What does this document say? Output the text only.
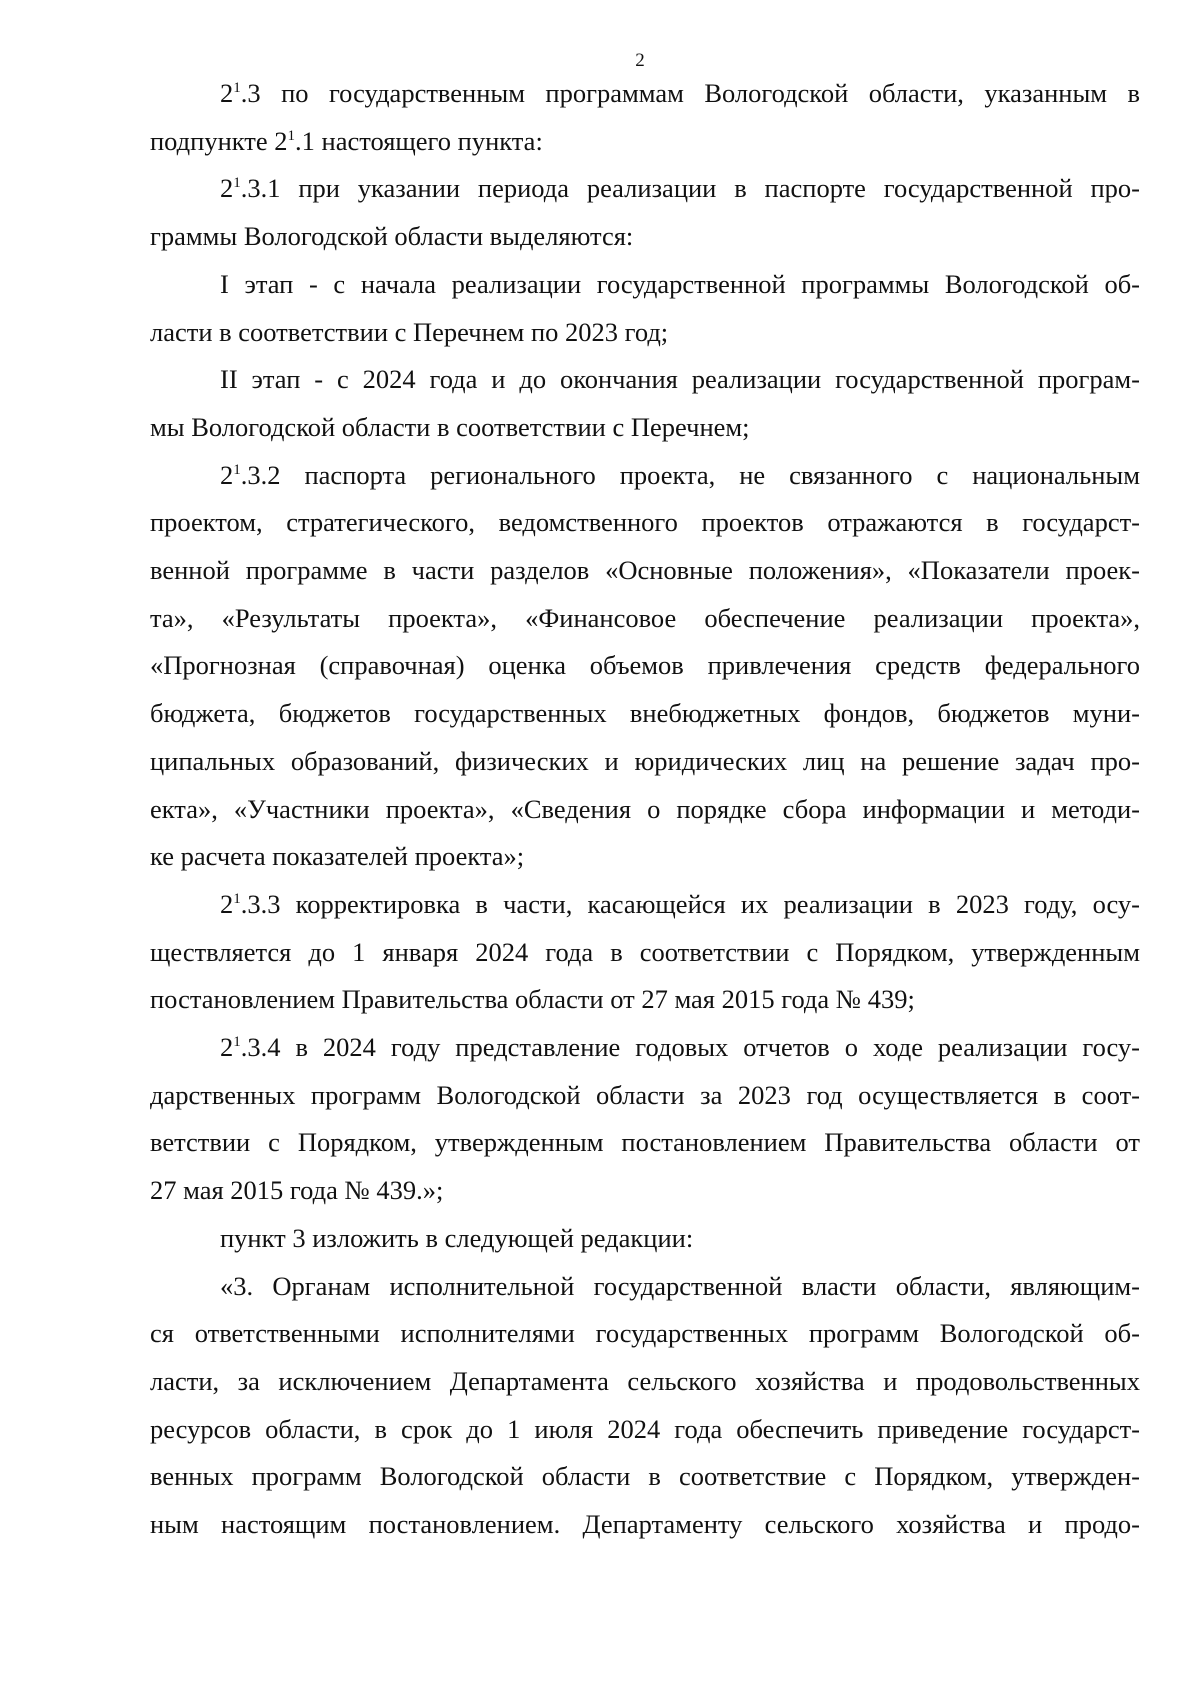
2

$2^1.3$ по государственным программам Вологодской области, указанным в

подпункте $2^1.1$ настоящего пункта:

$2^1.3.1$ при указании периода реализации в паспорте государственной про-

граммы Вологодской области выделяются:

I этап - с начала реализации государственной программы Вологодской об-

ласти в соответствии с Перечнем по 2023 год;

II этап - с 2024 года и до окончания реализации государственной програм-

мы Вологодской области в соответствии с Перечнем;

$2^1.3.2$ паспорта регионального проекта, не связанного с национальным

проектом, стратегического, ведомственного проектов отражаются в государст-

венной программе в части разделов «Основные положения», «Показатели проек-

та», «Результаты проекта», «Финансовое обеспечение реализации проекта»,

«Прогнозная (справочная) оценка объемов привлечения средств федерального

бюджета, бюджетов государственных внебюджетных фондов, бюджетов муни-

ципальных образований, физических и юридических лиц на решение задач про-

екта», «Участники проекта», «Сведения о порядке сбора информации и методи-

ке расчета показателей проекта»;

$2^1.3.3$ корректировка в части, касающейся их реализации в 2023 году, осу-

ществляется до 1 января 2024 года в соответствии с Порядком, утвержденным

постановлением Правительства области от 27 мая 2015 года № 439;

$2^1.3.4$ в 2024 году представление годовых отчетов о ходе реализации госу-

дарственных программ Вологодской области за 2023 год осуществляется в соот-

ветствии с Порядком, утвержденным постановлением Правительства области от

27 мая 2015 года № 439.»;

пункт 3 изложить в следующей редакции:

«3. Органам исполнительной государственной власти области, являющим-

ся ответственными исполнителями государственных программ Вологодской об-

ласти, за исключением Департамента сельского хозяйства и продовольственных

ресурсов области, в срок до 1 июля 2024 года обеспечить приведение государст-

венных программ Вологодской области в соответствие с Порядком, утвержден-

ным настоящим постановлением. Департаменту сельского хозяйства и продо-
